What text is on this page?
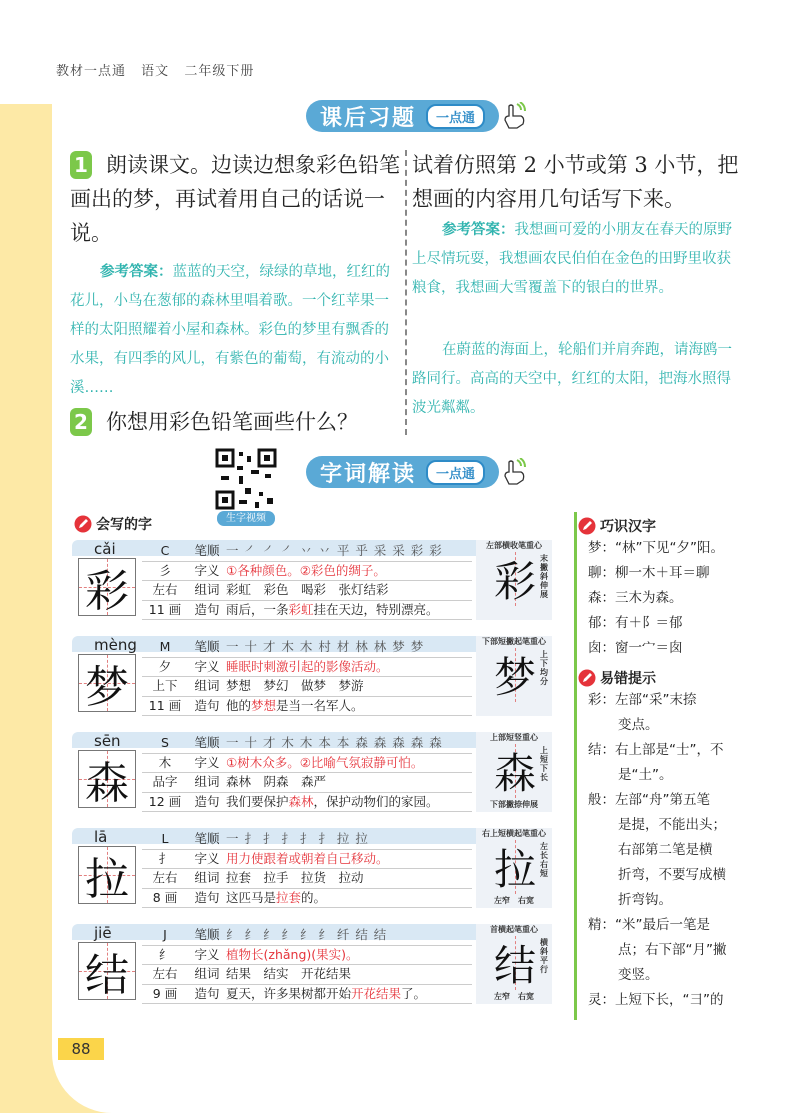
教材一点通 语文 二年级下册
课后习题	一点通
1 朗读课文。边读边想象彩色铅笔画出的梦，再试着用自己的话说一说。
参考答案：蓝蓝的天空，绿绿的草地，红红的花儿，小鸟在葱郁的森林里唱着歌。一个红苹果一样的太阳照耀着小屋和森林。彩色的梦里有飘香的水果，有四季的风儿，有紫色的葡萄，有流动的小溪……
2 你想用彩色铅笔画些什么？
试着仿照第 2 小节或第 3 小节，把想画的内容用几句话写下来。
参考答案：我想画可爱的小朋友在春天的原野上尽情玩耍，我想画农民伯伯在金色的田野里收获粮食，我想画大雪覆盖下的银白的世界。
在蔚蓝的海面上，轮船们并肩奔跑，请海鸥一路同行。高高的天空中，红红的太阳，把海水照得波光粼粼。
生字视频
字词解读	一点通
会写的字
cǎi
彩
C	笔顺 一 ㇒ ㇒ ㇒ 丷 丷 平 乎 采 采 彩 彩
彡	字义 ①各种颜色。②彩色的绸子。
左右	组词 彩虹　彩色　喝彩　张灯结彩
11 画	造句 雨后，一条彩虹挂在天边，特别漂亮。
左部横收笔重心
彩 末撇斜伸展
mèng
梦
M	笔顺 一 十 才 木 木 村 材 林 林 梦 梦
夕	字义 睡眠时刺激引起的影像活动。
上下	组词 梦想　梦幻　做梦　梦游
11 画	造句 他的梦想是当一名军人。
下部短撇起笔重心
梦 上下均分
sēn
森
S	笔顺 一 十 才 木 木 本 本 森 森 森 森 森
木	字义 ①树木众多。②比喻气氛寂静可怕。
品字	组词 森林　阴森　森严
12 画	造句 我们要保护森林，保护动物们的家园。
上部短竖重心
森 上短下长
下部撇捺伸展
lā
拉
L	笔顺 一 扌 扌 扌 扌 扌 拉 拉
扌	字义 用力使跟着或朝着自己移动。
左右	组词 拉套　拉手　拉货　拉动
8 画	造句 这匹马是拉套的。
右上短横起笔重心
拉 左长右短
左窄　右宽
jiē
结
J	笔顺 纟 纟 纟 纟 纟 纟 纤 结 结
纟	字义 植物长(zhǎng)(果实)。
左右	组词 结果　结实　开花结果
9 画	造句 夏天，许多果树都开始开花结果了。
首横起笔重心
结 横斜平行
左窄　右宽
巧识汉字
梦：“林”下见“夕”阳。
聊：柳一木＋耳＝聊
森：三木为森。
郁：有＋阝＝郁
囱：窗一宀＝囱
易错提示
彩：左部“采”末捺
变点。
结：右上部是“士”，不
是“土”。
般：左部“舟”第五笔
是提，不能出头；
右部第二笔是横
折弯，不要写成横
折弯钩。
精：“米”最后一笔是
点；右下部“月”撇
变竖。
灵：上短下长，“彐”的
88
